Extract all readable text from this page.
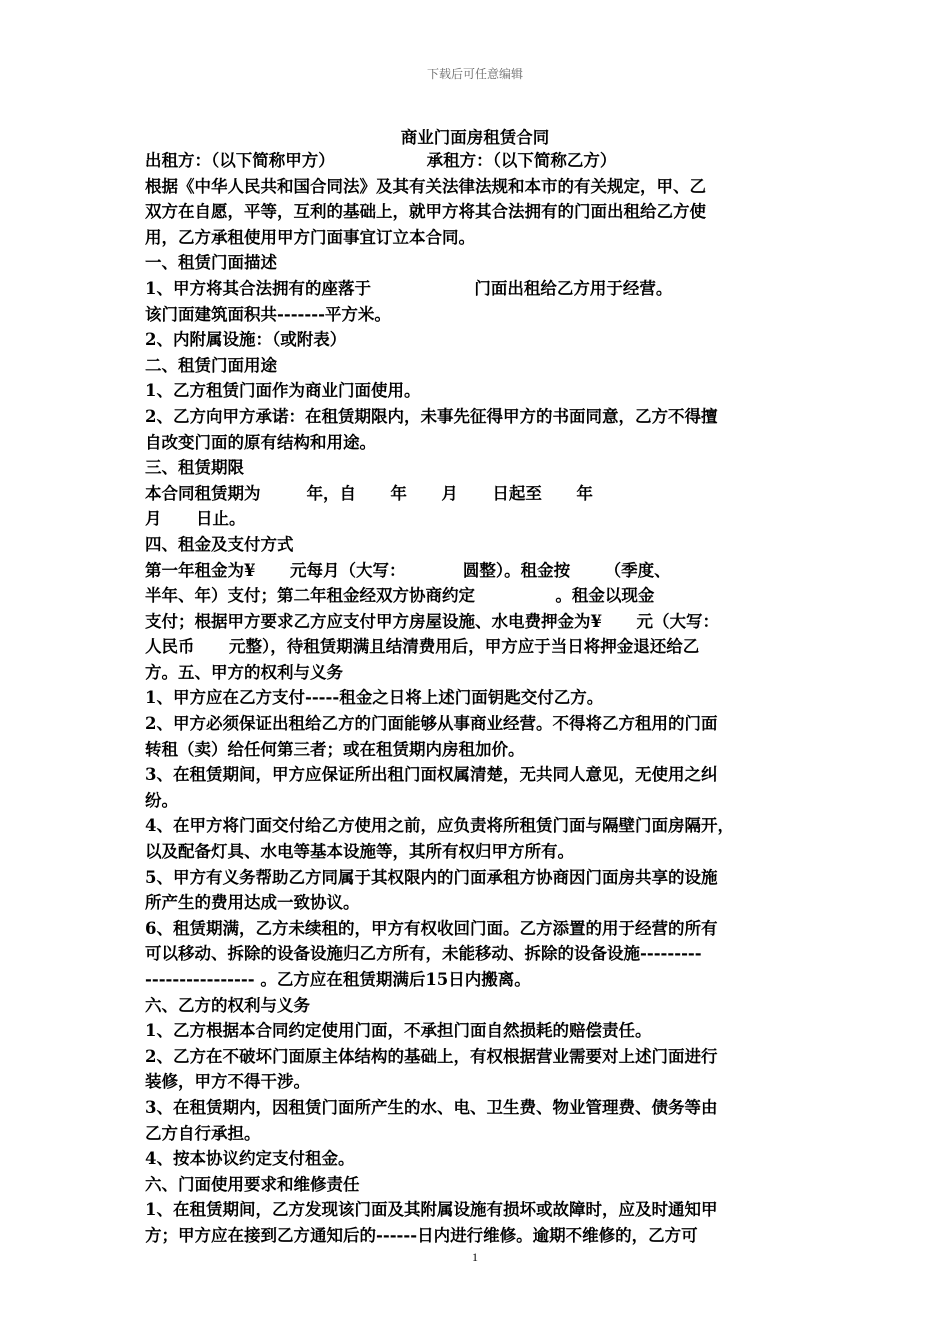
下载后可任意编辑
商业门面房租赁合同
出租方：（以下简称甲方）                承租方：（以下简称乙方）
根据《中华人民共和国合同法》及其有关法律法规和本市的有关规定，甲、乙
双方在自愿，平等，互利的基础上，就甲方将其合法拥有的门面出租给乙方使
用，乙方承租使用甲方门面事宜订立本合同。
一、租赁门面描述
1、甲方将其合法拥有的座落于                  门面出租给乙方用于经营。
该门面建筑面积共-------平方米。
2、内附属设施：（或附表）
二、租赁门面用途
1、乙方租赁门面作为商业门面使用。
2、乙方向甲方承诺：在租赁期限内，未事先征得甲方的书面同意，乙方不得擅
自改变门面的原有结构和用途。
三、租赁期限
本合同租赁期为        年，自      年      月      日起至      年
月      日止。
四、租金及支付方式
第一年租金为¥      元每月（大写：          圆整）。租金按      （季度、
半年、年）支付；第二年租金经双方协商约定              。租金以现金
支付；根据甲方要求乙方应支付甲方房屋设施、水电费押金为¥      元（大写：
人民币      元整），待租赁期满且结清费用后，甲方应于当日将押金退还给乙
方。五、甲方的权利与义务
1、甲方应在乙方支付-----租金之日将上述门面钥匙交付乙方。
2、甲方必须保证出租给乙方的门面能够从事商业经营。不得将乙方租用的门面
转租（卖）给任何第三者；或在租赁期内房租加价。
3、在租赁期间，甲方应保证所出租门面权属清楚，无共同人意见，无使用之纠
纷。
4、在甲方将门面交付给乙方使用之前，应负责将所租赁门面与隔壁门面房隔开，
以及配备灯具、水电等基本设施等，其所有权归甲方所有。
5、甲方有义务帮助乙方同属于其权限内的门面承租方协商因门面房共享的设施
所产生的费用达成一致协议。
6、租赁期满，乙方未续租的，甲方有权收回门面。乙方添置的用于经营的所有
可以移动、拆除的设备设施归乙方所有，未能移动、拆除的设备设施---------
---------------- 。乙方应在租赁期满后15日内搬离。
六、乙方的权利与义务
1、乙方根据本合同约定使用门面，不承担门面自然损耗的赔偿责任。
2、乙方在不破坏门面原主体结构的基础上，有权根据营业需要对上述门面进行
装修，甲方不得干涉。
3、在租赁期内，因租赁门面所产生的水、电、卫生费、物业管理费、债务等由
乙方自行承担。
4、按本协议约定支付租金。
六、门面使用要求和维修责任
1、在租赁期间，乙方发现该门面及其附属设施有损坏或故障时，应及时通知甲
方；甲方应在接到乙方通知后的------日内进行维修。逾期不维修的，乙方可
1
